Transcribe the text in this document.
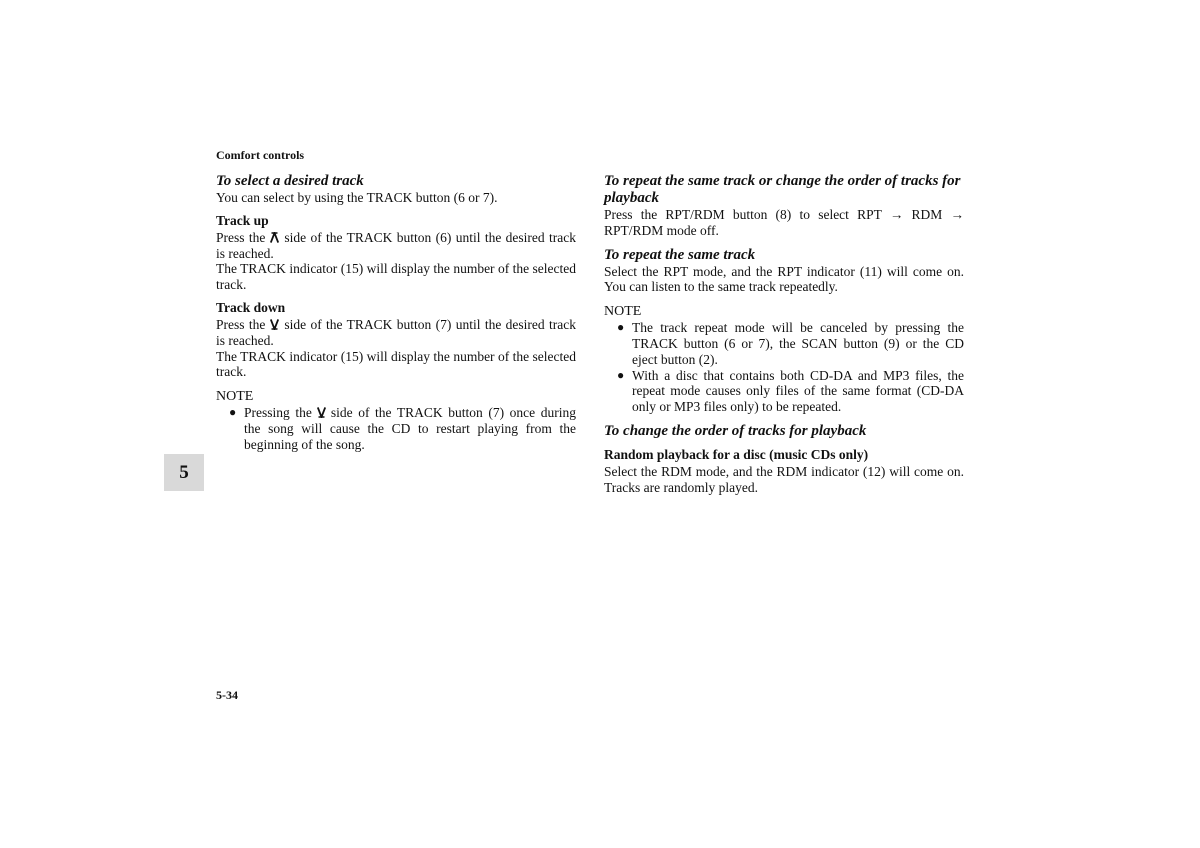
Comfort controls
5
To select a desired track

You can select by using the TRACK button (6 or 7).

Track up

Press the side of the TRACK button (6) until the desired track is reached.

The TRACK indicator (15) will display the number of the selected track.

Track down

Press the side of the TRACK button (7) until the desired track is reached.

The TRACK indicator (15) will display the number of the selected track.

NOTE
● Pressing the side of the TRACK button (7) once during the song will cause the CD to restart playing from the beginning of the song.
To repeat the same track or change the order of tracks for playback

Press the RPT/RDM button (8) to select RPT → RDM → RPT/RDM mode off.

To repeat the same track

Select the RPT mode, and the RPT indicator (11) will come on. You can listen to the same track repeatedly.

NOTE
● The track repeat mode will be canceled by pressing the TRACK button (6 or 7), the SCAN button (9) or the CD eject button (2).
● With a disc that contains both CD-DA and MP3 files, the repeat mode causes only files of the same format (CD-DA only or MP3 files only) to be repeated.
To change the order of tracks for playback
Random playback for a disc (music CDs only)

Select the RDM mode, and the RDM indicator (12) will come on. Tracks are randomly played.

5-34
